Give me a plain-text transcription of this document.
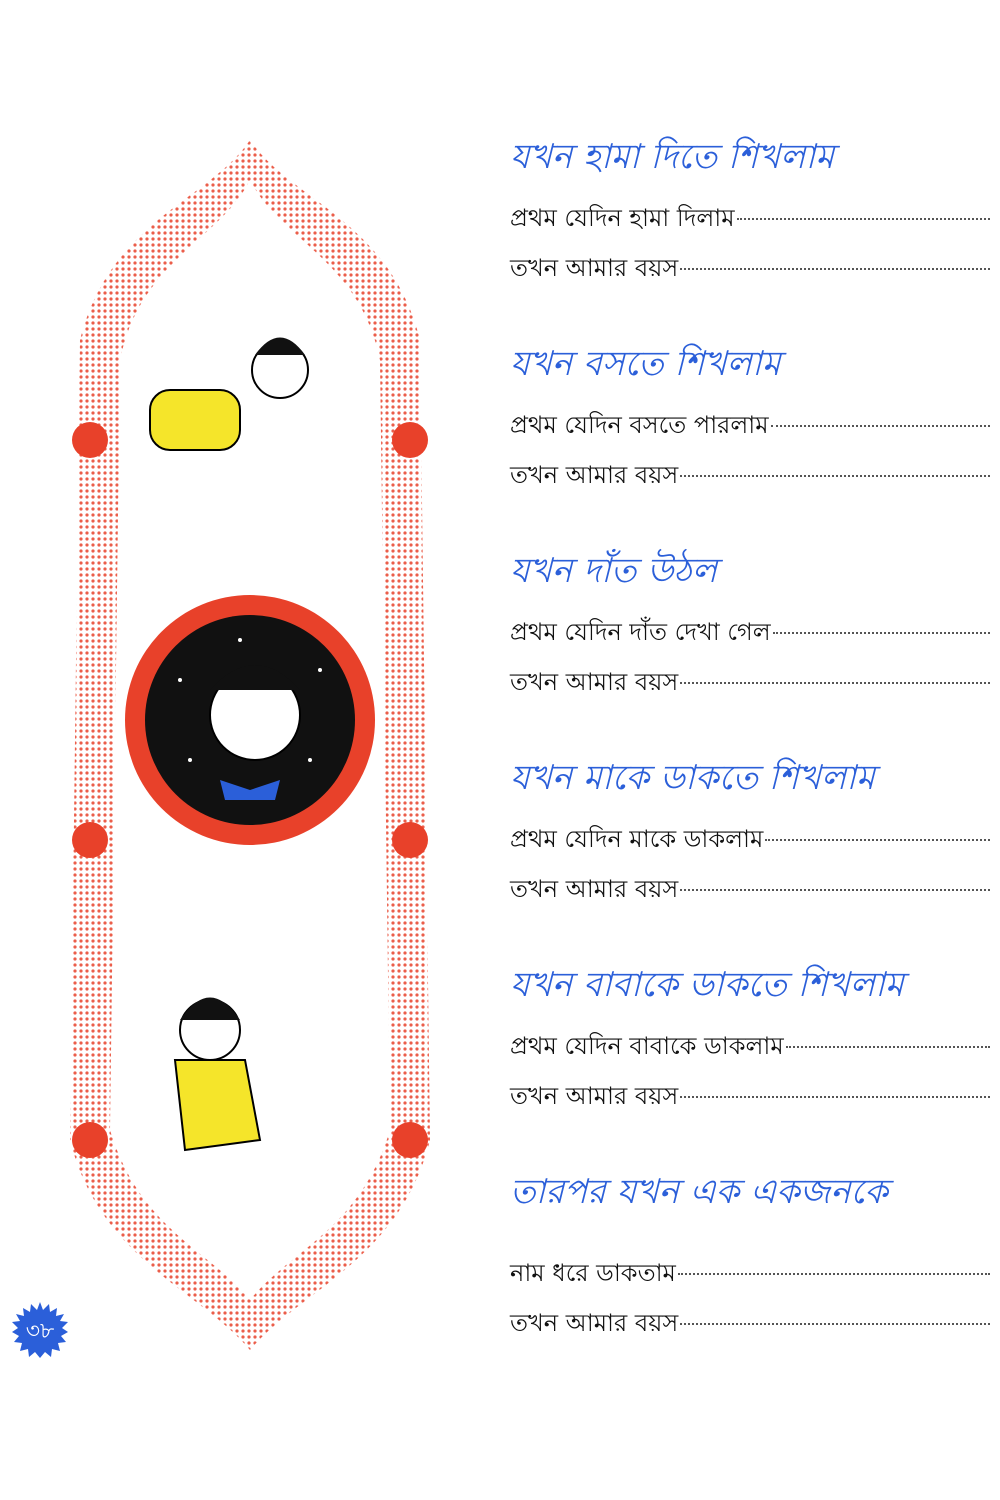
যখন হামা দিতে শিখলাম
প্রথম যেদিন হামা দিলাম
তখন আমার বয়স
যখন বসতে শিখলাম
প্রথম যেদিন বসতে পারলাম
তখন আমার বয়স
যখন দাঁত উঠল
প্রথম যেদিন দাঁত দেখা গেল
তখন আমার বয়স
যখন মাকে ডাকতে শিখলাম
প্রথম যেদিন মাকে ডাকলাম
তখন আমার বয়স
যখন বাবাকে ডাকতে শিখলাম
প্রথম যেদিন বাবাকে ডাকলাম
তখন আমার বয়স
তারপর যখন এক একজনকে
নাম ধরে ডাকতাম
তখন আমার বয়স
৩৮
